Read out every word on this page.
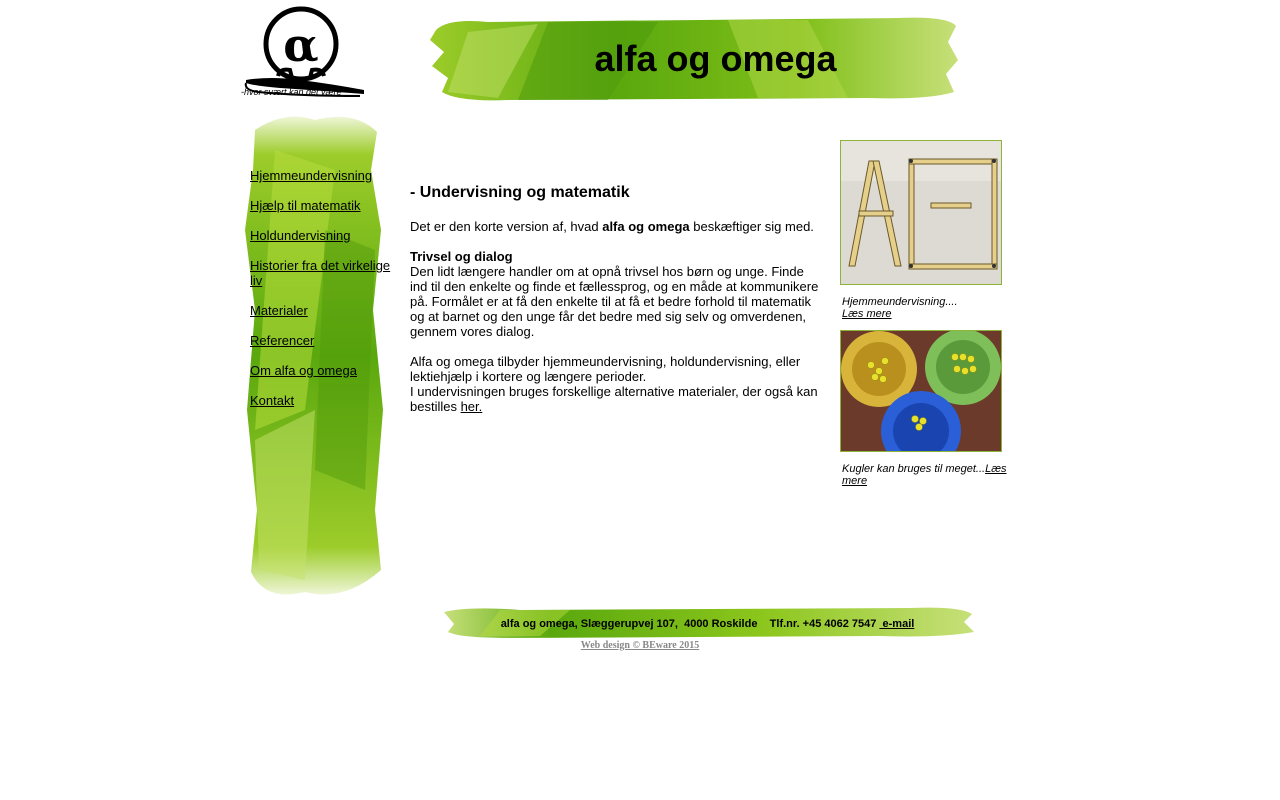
α
-hvor svært kan det være
alfa og omega
Hjemmeundervisning
Hjælp til matematik
Holdundervisning
Historier fra det virkelige liv
Materialer
Referencer
Om alfa og omega
Kontakt
- Undervisning og matematik

Det er den korte version af, hvad alfa og omega beskæftiger sig med.

Trivsel og dialog

Den lidt længere handler om at opnå trivsel hos børn og unge. Finde ind til den enkelte og finde et fællessprog, og en måde at kommunikere på. Formålet er at få den enkelte til at få et bedre forhold til matematik og at barnet og den unge får det bedre med sig selv og omverdenen, gennem vores dialog.

Alfa og omega tilbyder hjemmeundervisning, holdundervisning, eller lektiehjælp i kortere og længere perioder.

I undervisningen bruges forskellige alternative materialer, der også kan bestilles her.

Hjemmeundervisning....
Læs mere
Kugler kan bruges til meget...Læs mere
alfa og omega, Slæggerupvej 107,  4000 Roskilde    Tlf.nr. +45 4062 7547  e-mail
Web design © BEware 2015
